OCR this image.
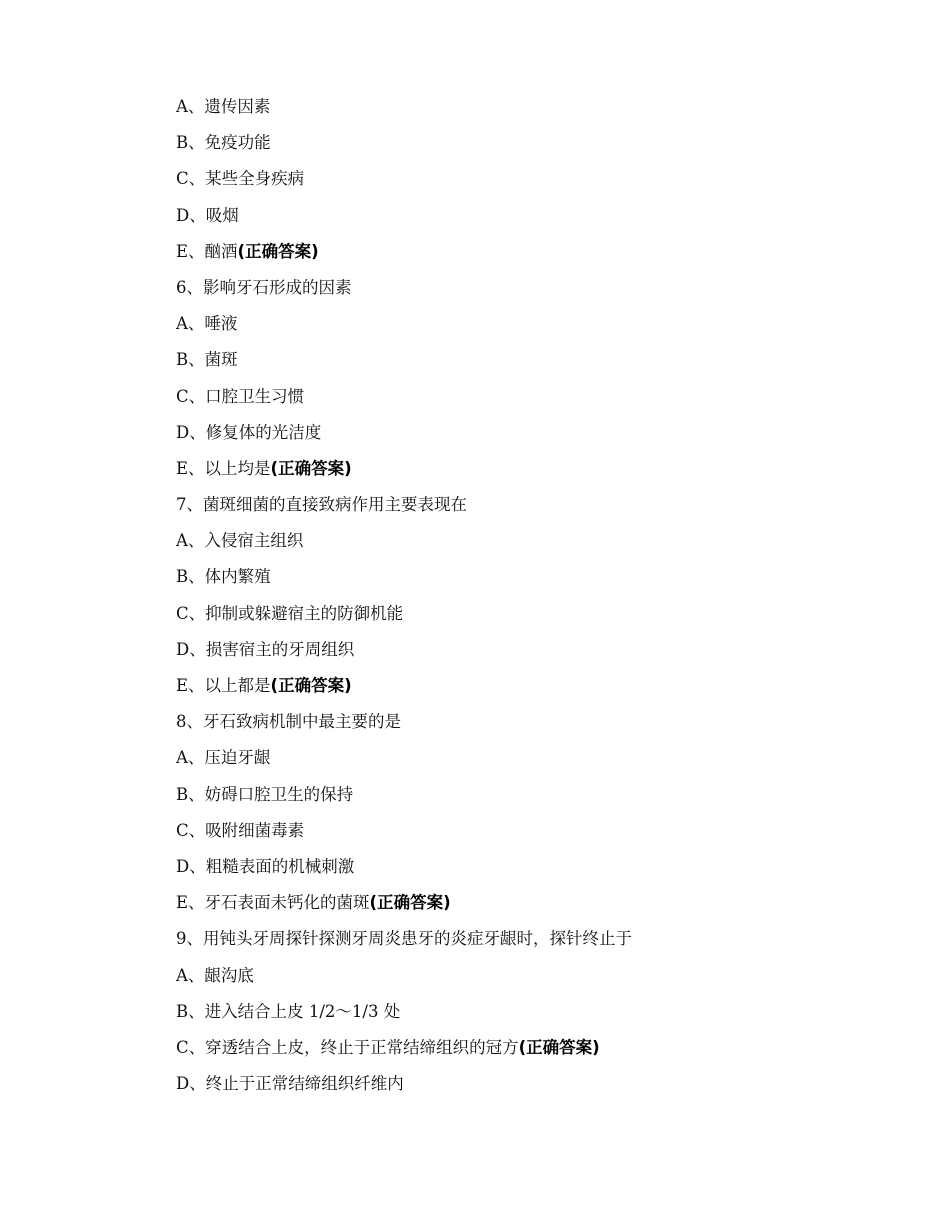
A、遗传因素
B、免疫功能
C、某些全身疾病
D、吸烟
E、酗酒(正确答案)
6、影响牙石形成的因素
A、唾液
B、菌斑
C、口腔卫生习惯
D、修复体的光洁度
E、以上均是(正确答案)
7、菌斑细菌的直接致病作用主要表现在
A、入侵宿主组织
B、体内繁殖
C、抑制或躲避宿主的防御机能
D、损害宿主的牙周组织
E、以上都是(正确答案)
8、牙石致病机制中最主要的是
A、压迫牙龈
B、妨碍口腔卫生的保持
C、吸附细菌毒素
D、粗糙表面的机械刺激
E、牙石表面未钙化的菌斑(正确答案)
9、用钝头牙周探针探测牙周炎患牙的炎症牙龈时，探针终止于
A、龈沟底
B、进入结合上皮 1/2～1/3 处
C、穿透结合上皮，终止于正常结缔组织的冠方(正确答案)
D、终止于正常结缔组织纤维内
